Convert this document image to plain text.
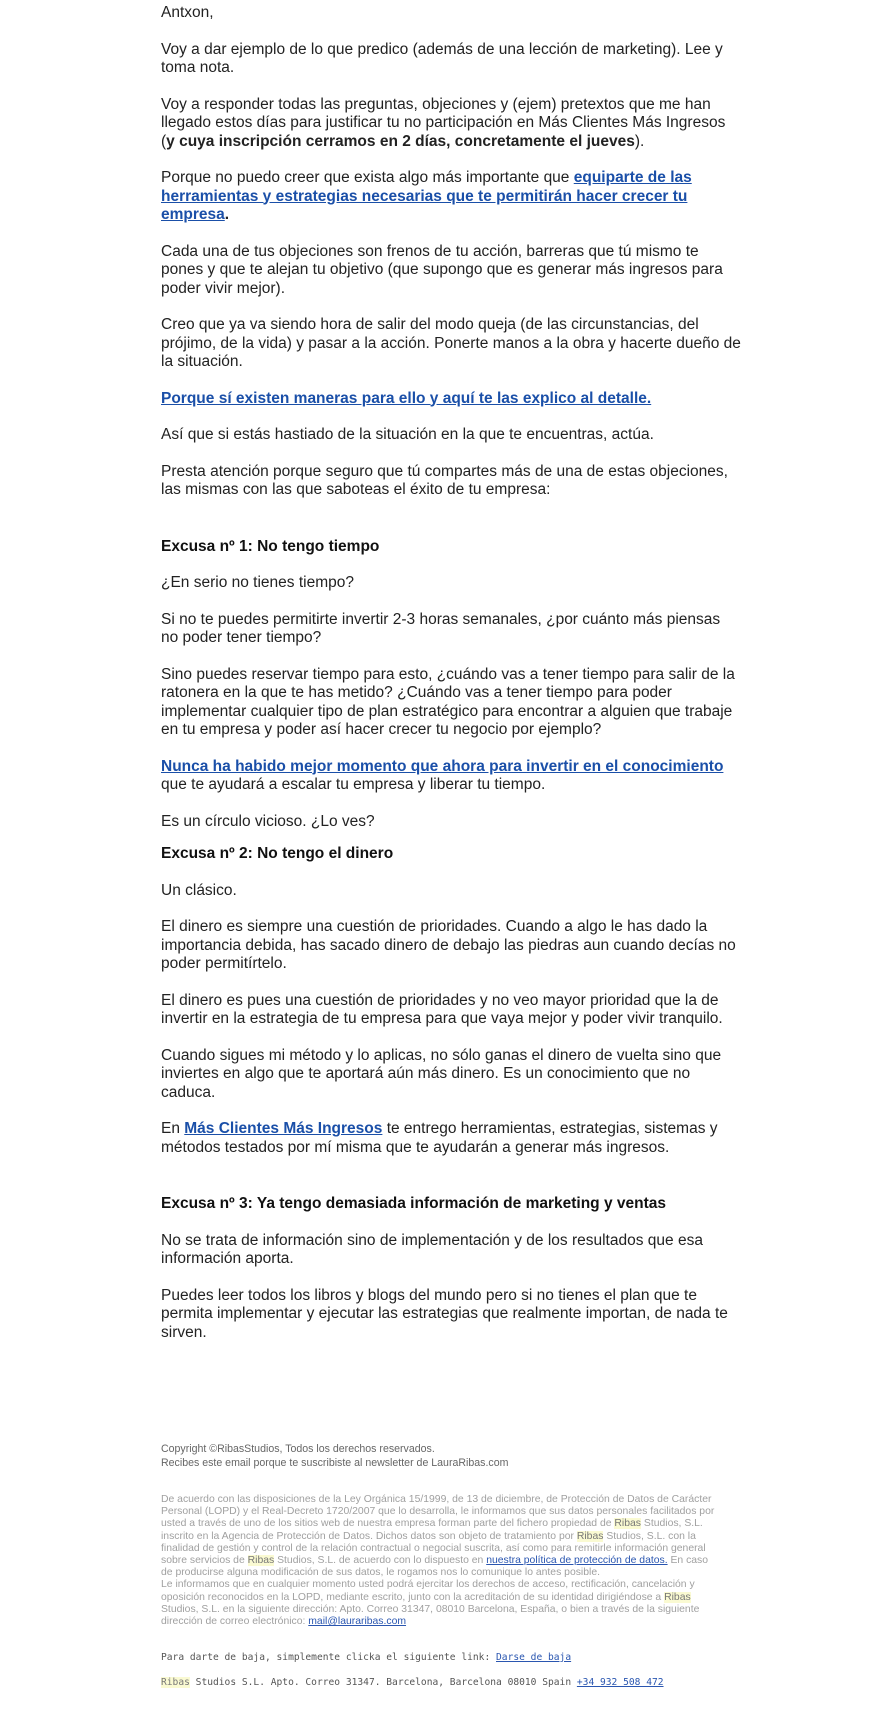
Antxon,

Voy a dar ejemplo de lo que predico (además de una lección de marketing). Lee y toma nota.

Voy a responder todas las preguntas, objeciones y (ejem) pretextos que me han llegado estos días para justificar tu no participación en Más Clientes Más Ingresos (y cuya inscripción cerramos en 2 días, concretamente el jueves).

Porque no puedo creer que exista algo más importante que equiparte de las herramientas y estrategias necesarias que te permitirán hacer crecer tu empresa.

Cada una de tus objeciones son frenos de tu acción, barreras que tú mismo te pones y que te alejan tu objetivo (que supongo que es generar más ingresos para poder vivir mejor).

Creo que ya va siendo hora de salir del modo queja (de las circunstancias, del prójimo, de la vida) y pasar a la acción. Ponerte manos a la obra y hacerte dueño de la situación.

Porque sí existen maneras para ello y aquí te las explico al detalle.

Así que si estás hastiado de la situación en la que te encuentras, actúa.

Presta atención porque seguro que tú compartes más de una de estas objeciones, las mismas con las que saboteas el éxito de tu empresa:

Excusa nº 1: No tengo tiempo

¿En serio no tienes tiempo?

Si no te puedes permitirte invertir 2-3 horas semanales, ¿por cuánto más piensas no poder tener tiempo?

Sino puedes reservar tiempo para esto, ¿cuándo vas a tener tiempo para salir de la ratonera en la que te has metido? ¿Cuándo vas a tener tiempo para poder implementar cualquier tipo de plan estratégico para encontrar a alguien que trabaje en tu empresa y poder así hacer crecer tu negocio por ejemplo?

Nunca ha habido mejor momento que ahora para invertir en el conocimiento que te ayudará a escalar tu empresa y liberar tu tiempo.

Es un círculo vicioso. ¿Lo ves?

Excusa nº 2: No tengo el dinero

Un clásico.

El dinero es siempre una cuestión de prioridades. Cuando a algo le has dado la importancia debida, has sacado dinero de debajo las piedras aun cuando decías no poder permitírtelo.

El dinero es pues una cuestión de prioridades y no veo mayor prioridad que la de invertir en la estrategia de tu empresa para que vaya mejor y poder vivir tranquilo.

Cuando sigues mi método y lo aplicas, no sólo ganas el dinero de vuelta sino que inviertes en algo que te aportará aún más dinero. Es un conocimiento que no caduca.

En Más Clientes Más Ingresos te entrego herramientas, estrategias, sistemas y métodos testados por mí misma que te ayudarán a generar más ingresos.

Excusa nº 3: Ya tengo demasiada información de marketing y ventas

No se trata de información sino de implementación y de los resultados que esa información aporta.

Puedes leer todos los libros y blogs del mundo pero si no tienes el plan que te permita implementar y ejecutar las estrategias que realmente importan, de nada te sirven.

Copyright ©RibasStudios, Todos los derechos reservados.
Recibes este email porque te suscribiste al newsletter de LauraRibas.com
De acuerdo con las disposiciones de la Ley Orgánica 15/1999, de 13 de diciembre, de Protección de Datos de Carácter Personal (LOPD) y el Real-Decreto 1720/2007 que lo desarrolla, le informamos que sus datos personales facilitados por usted a través de uno de los sitios web de nuestra empresa forman parte del fichero propiedad de Ribas Studios, S.L. inscrito en la Agencia de Protección de Datos. Dichos datos son objeto de tratamiento por Ribas Studios, S.L. con la finalidad de gestión y control de la relación contractual o negocial suscrita, así como para remitirle información general sobre servicios de Ribas Studios, S.L. de acuerdo con lo dispuesto en nuestra política de protección de datos. En caso de producirse alguna modificación de sus datos, le rogamos nos lo comunique lo antes posible.
Le informamos que en cualquier momento usted podrá ejercitar los derechos de acceso, rectificación, cancelación y oposición reconocidos en la LOPD, mediante escrito, junto con la acreditación de su identidad dirigiéndose a Ribas Studios, S.L. en la siguiente dirección: Apto. Correo 31347, 08010 Barcelona, España, o bien a través de la siguiente dirección de correo electrónico: mail@lauraribas.com
Para darte de baja, simplemente clicka el siguiente link: Darse de baja
Ribas Studios S.L. Apto. Correo 31347. Barcelona, Barcelona 08010 Spain +34 932 508 472
